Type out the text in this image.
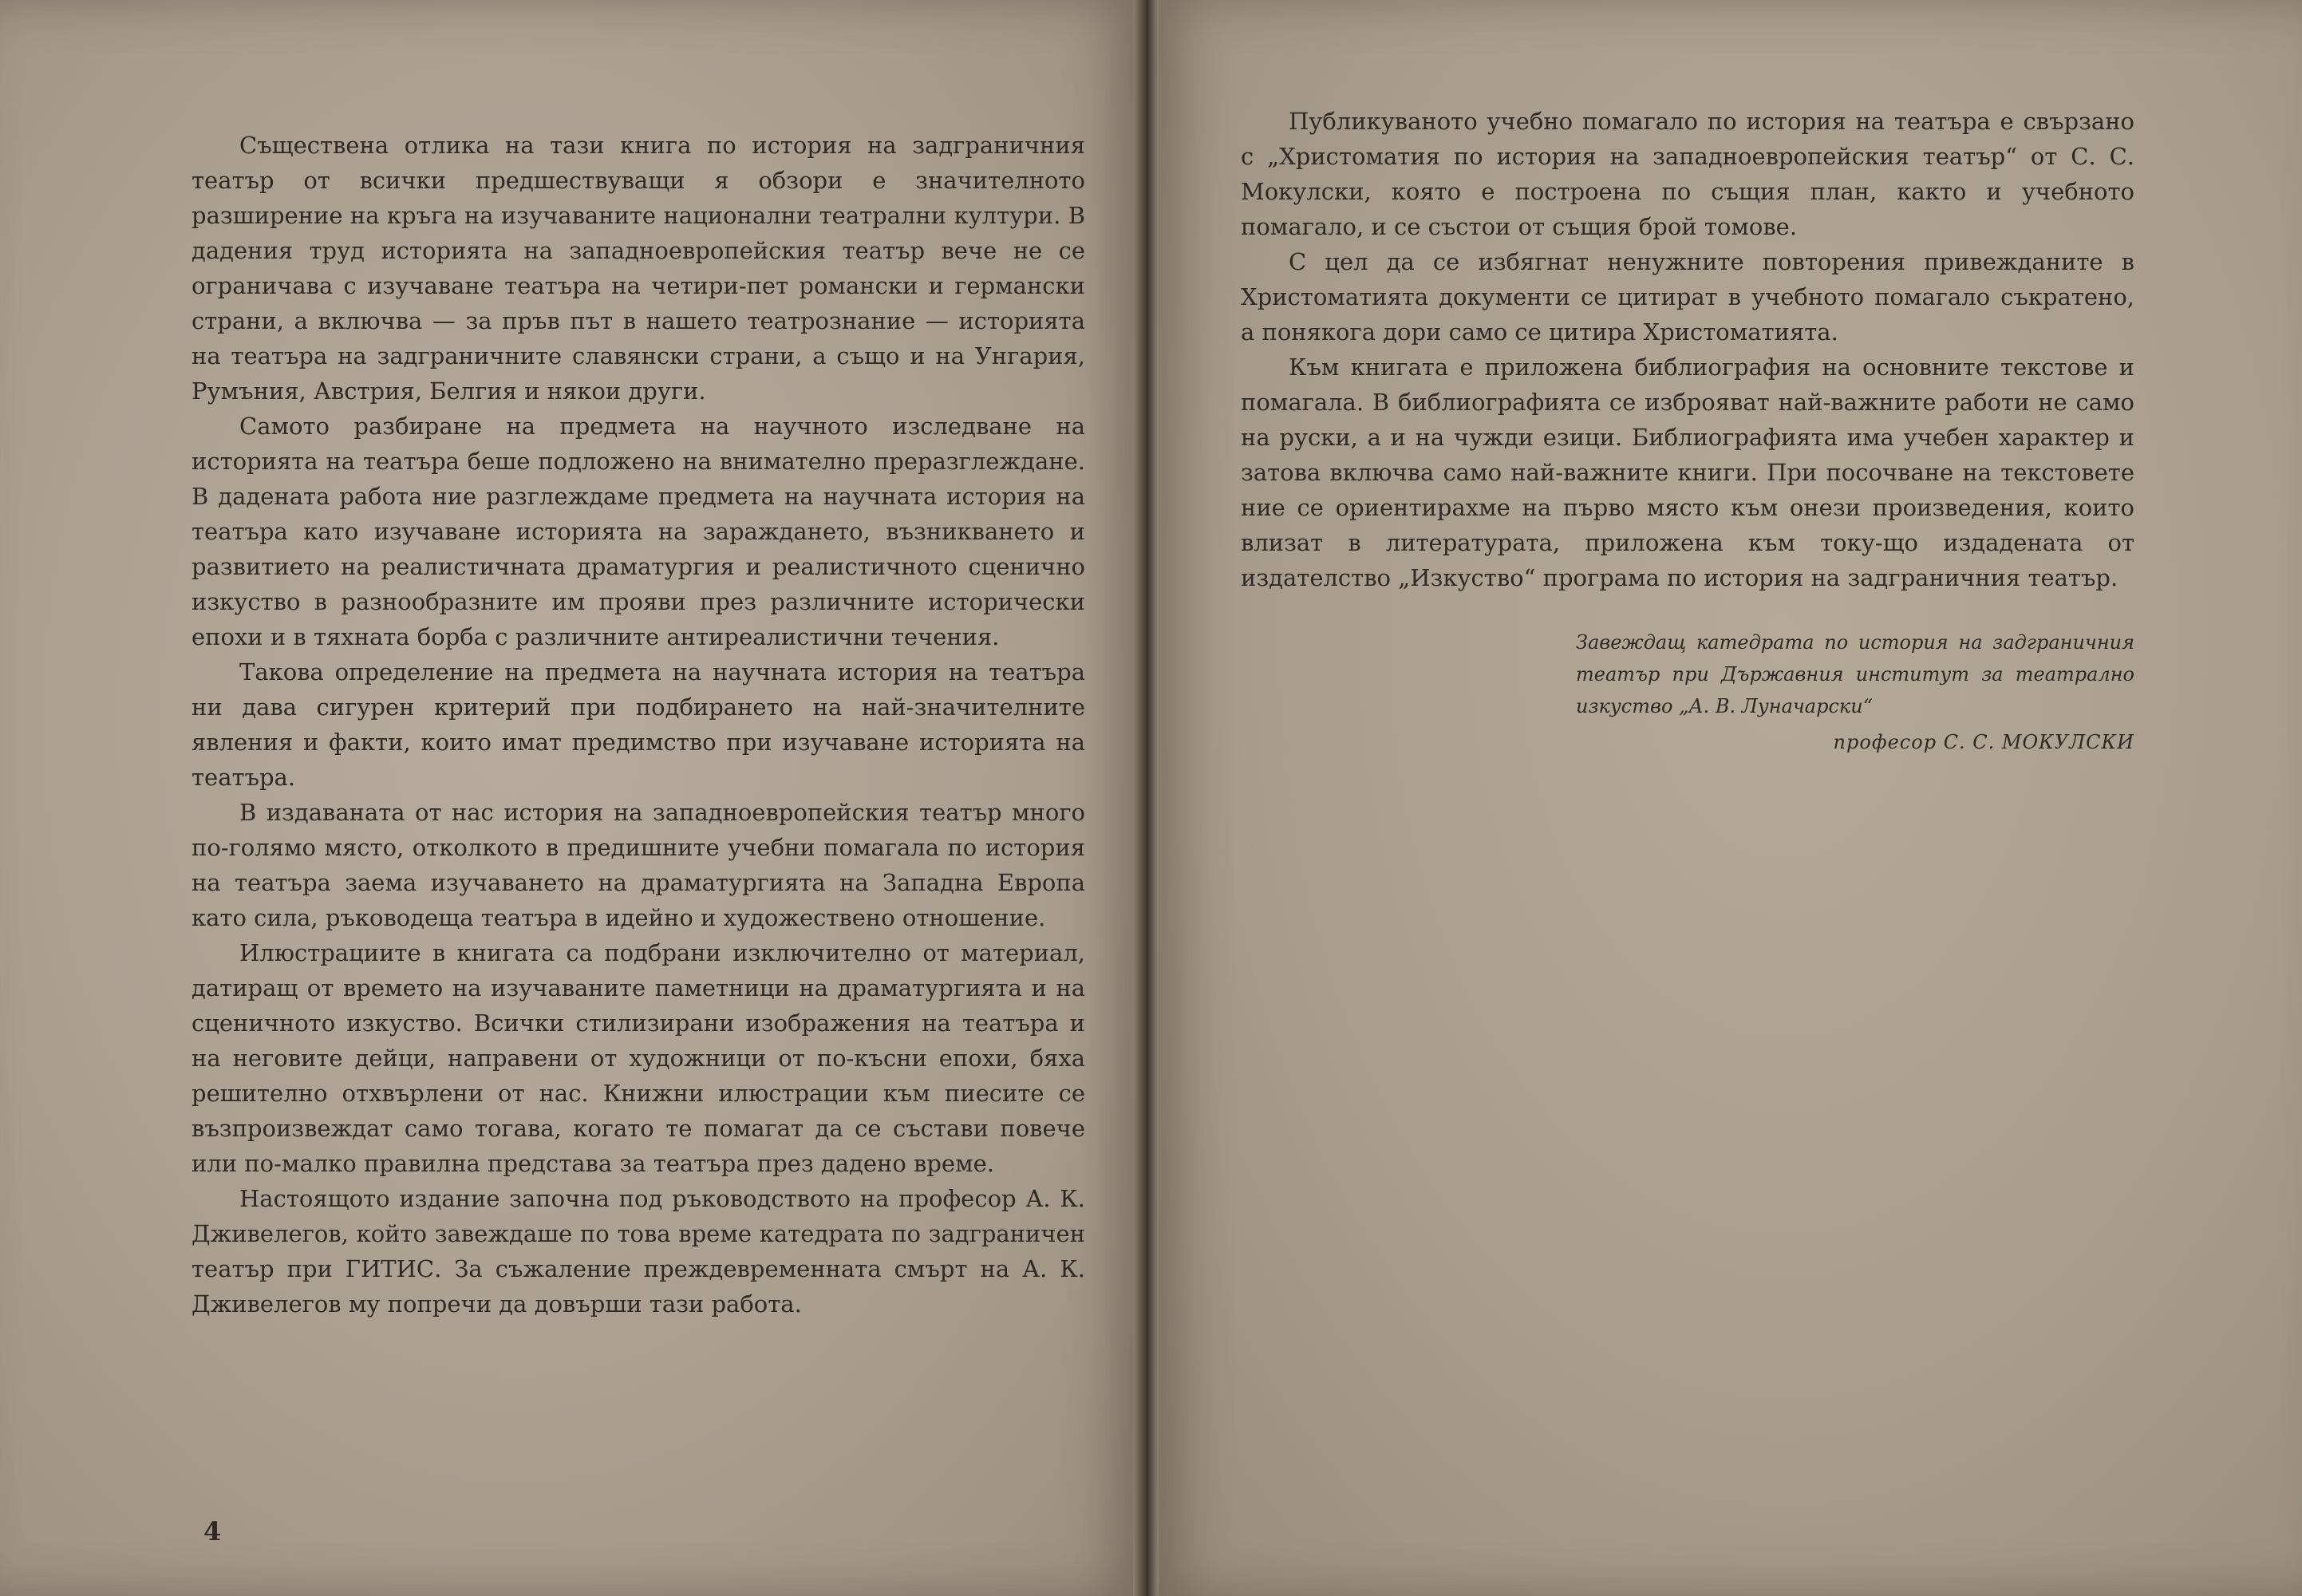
Съществена отлика на тази книга по история на задграничния театър от всички предшествуващи я обзори е значителното разширение на кръга на изучаваните национални театрални култури. В дадения труд историята на западноевропейския театър вече не се ограничава с изучаване театъра на четири-пет романски и германски страни, а включва — за пръв път в нашето театрознание — историята на театъра на задграничните славянски страни, а също и на Унгария, Румъния, Австрия, Белгия и някои други.

Самото разбиране на предмета на научното изследване на историята на театъра беше подложено на внимателно преразглеждане. В дадената работа ние разглеждаме предмета на научната история на театъра като изучаване историята на зараждането, възникването и развитието на реалистичната драматургия и реалистичното сценично изкуство в разнообразните им прояви през различните исторически епохи и в тяхната борба с различните антиреалистични течения.

Такова определение на предмета на научната история на театъра ни дава сигурен критерий при подбирането на най-значителните явления и факти, които имат предимство при изучаване историята на театъра.

В издаваната от нас история на западноевропейския театър много по-голямо място, отколкото в предишните учебни помагала по история на театъра заема изучаването на драматургията на Западна Европа като сила, ръководеща театъра в идейно и художествено отношение.

Илюстрациите в книгата са подбрани изключително от материал, датиращ от времето на изучаваните паметници на драматургията и на сценичното изкуство. Всички стилизирани изображения на театъра и на неговите дейци, направени от художници от по-късни епохи, бяха решително отхвърлени от нас. Книжни илюстрации към пиесите се възпроизвеждат само тогава, когато те помагат да се състави повече или по-малко правилна представа за театъра през дадено време.

Настоящото издание започна под ръководството на професор А. К. Дживелегов, който завеждаше по това време катедрата по задграничен театър при ГИТИС. За съжаление преждевременната смърт на А. К. Дживелегов му попречи да довърши тази работа.

4

Публикуваното учебно помагало по история на театъра е свързано с „Христоматия по история на западноевропейския театър“ от С. С. Мокулски, която е построена по същия план, както и учебното помагало, и се състои от същия брой томове.

С цел да се избягнат ненужните повторения привежданите в Христоматията документи се цитират в учебното помагало съкратено, а понякога дори само се цитира Христоматията.

Към книгата е приложена библиография на основните текстове и помагала. В библиографията се изброяват най-важните работи не само на руски, а и на чужди езици. Библиографията има учебен характер и затова включва само най-важните книги. При посочване на текстовете ние се ориентирахме на първо място към онези произведения, които влизат в литературата, приложена към току-що издадената от издателство „Изкуство“ програма по история на задграничния театър.

Завеждащ катедрата по история на задграничния театър при Държавния институт за театрално изкуство „А. В. Луначарски“
професор С. С. МОКУЛСКИ
